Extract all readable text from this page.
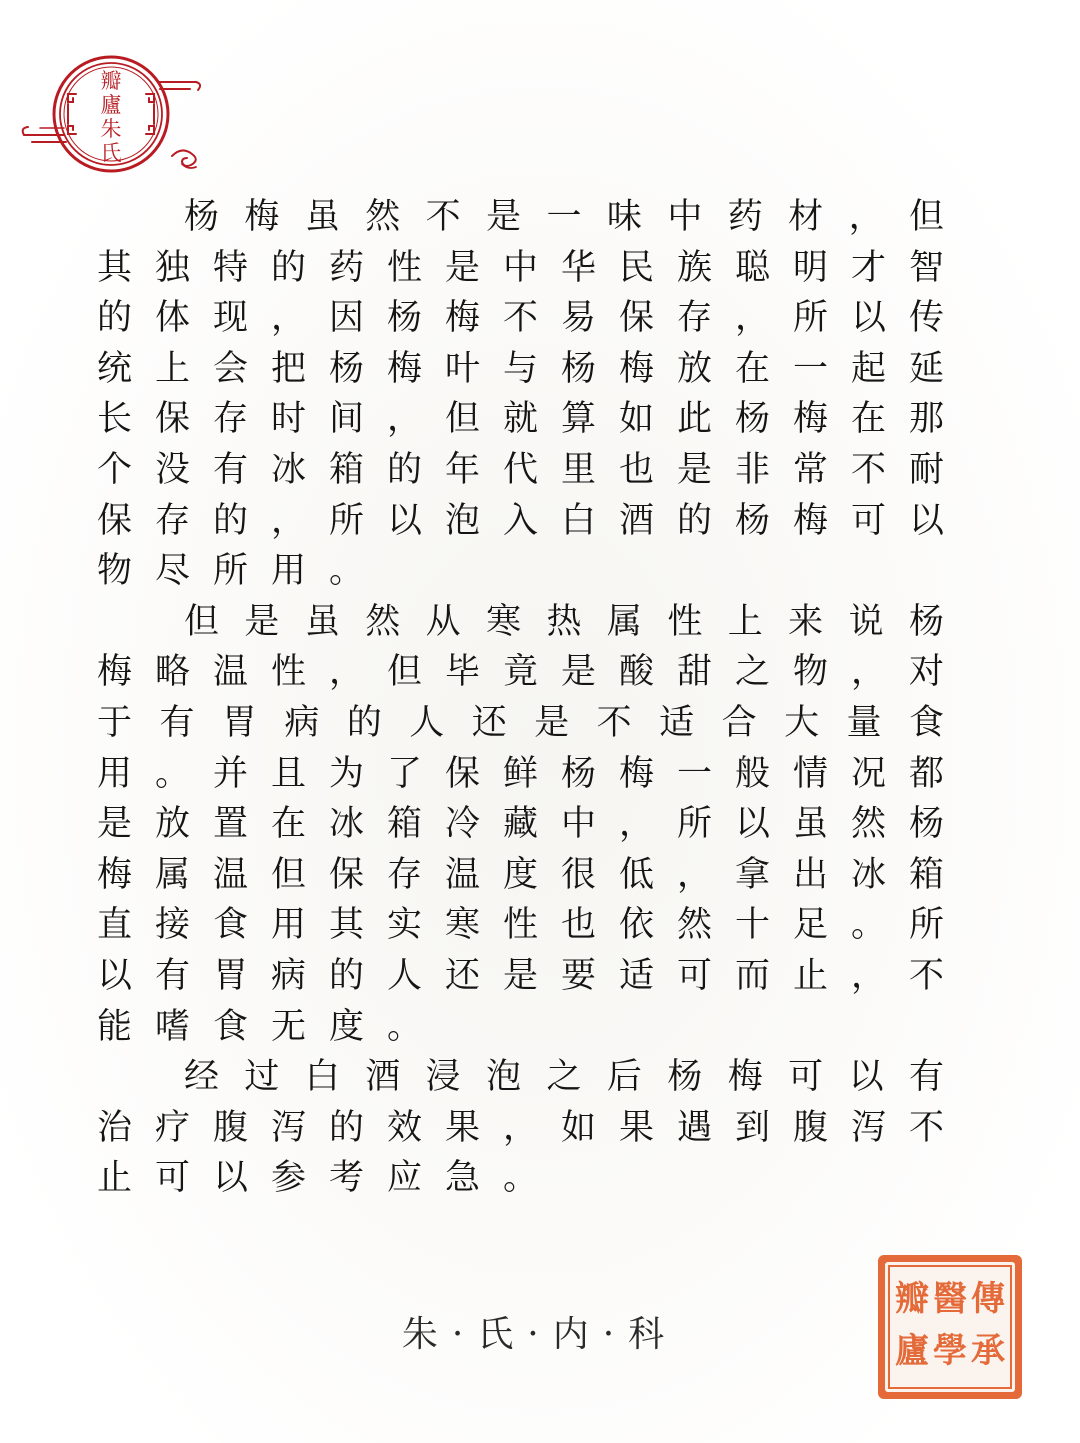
瓣
廬
朱
氏

杨梅虽然不是一味中药材，但其独特的药性是中华民族聪明才智的体现，因杨梅不易保存，所以传统上会把杨梅叶与杨梅放在一起延长保存时间，但就算如此杨梅在那个没有冰箱的年代里也是非常不耐保存的，所以泡入白酒的杨梅可以物尽所用。

但是虽然从寒热属性上来说杨梅略温性，但毕竟是酸甜之物，对于有胃病的人还是不适合大量食用。并且为了保鲜杨梅一般情况都是放置在冰箱冷藏中，所以虽然杨梅属温但保存温度很低，拿出冰箱直接食用其实寒性也依然十足。所以有胃病的人还是要适可而止，不能嗜食无度。

经过白酒浸泡之后杨梅可以有治疗腹泻的效果，如果遇到腹泻不止可以参考应急。

朱·氏·内·科
傳
承
醫
學
瓣
廬
